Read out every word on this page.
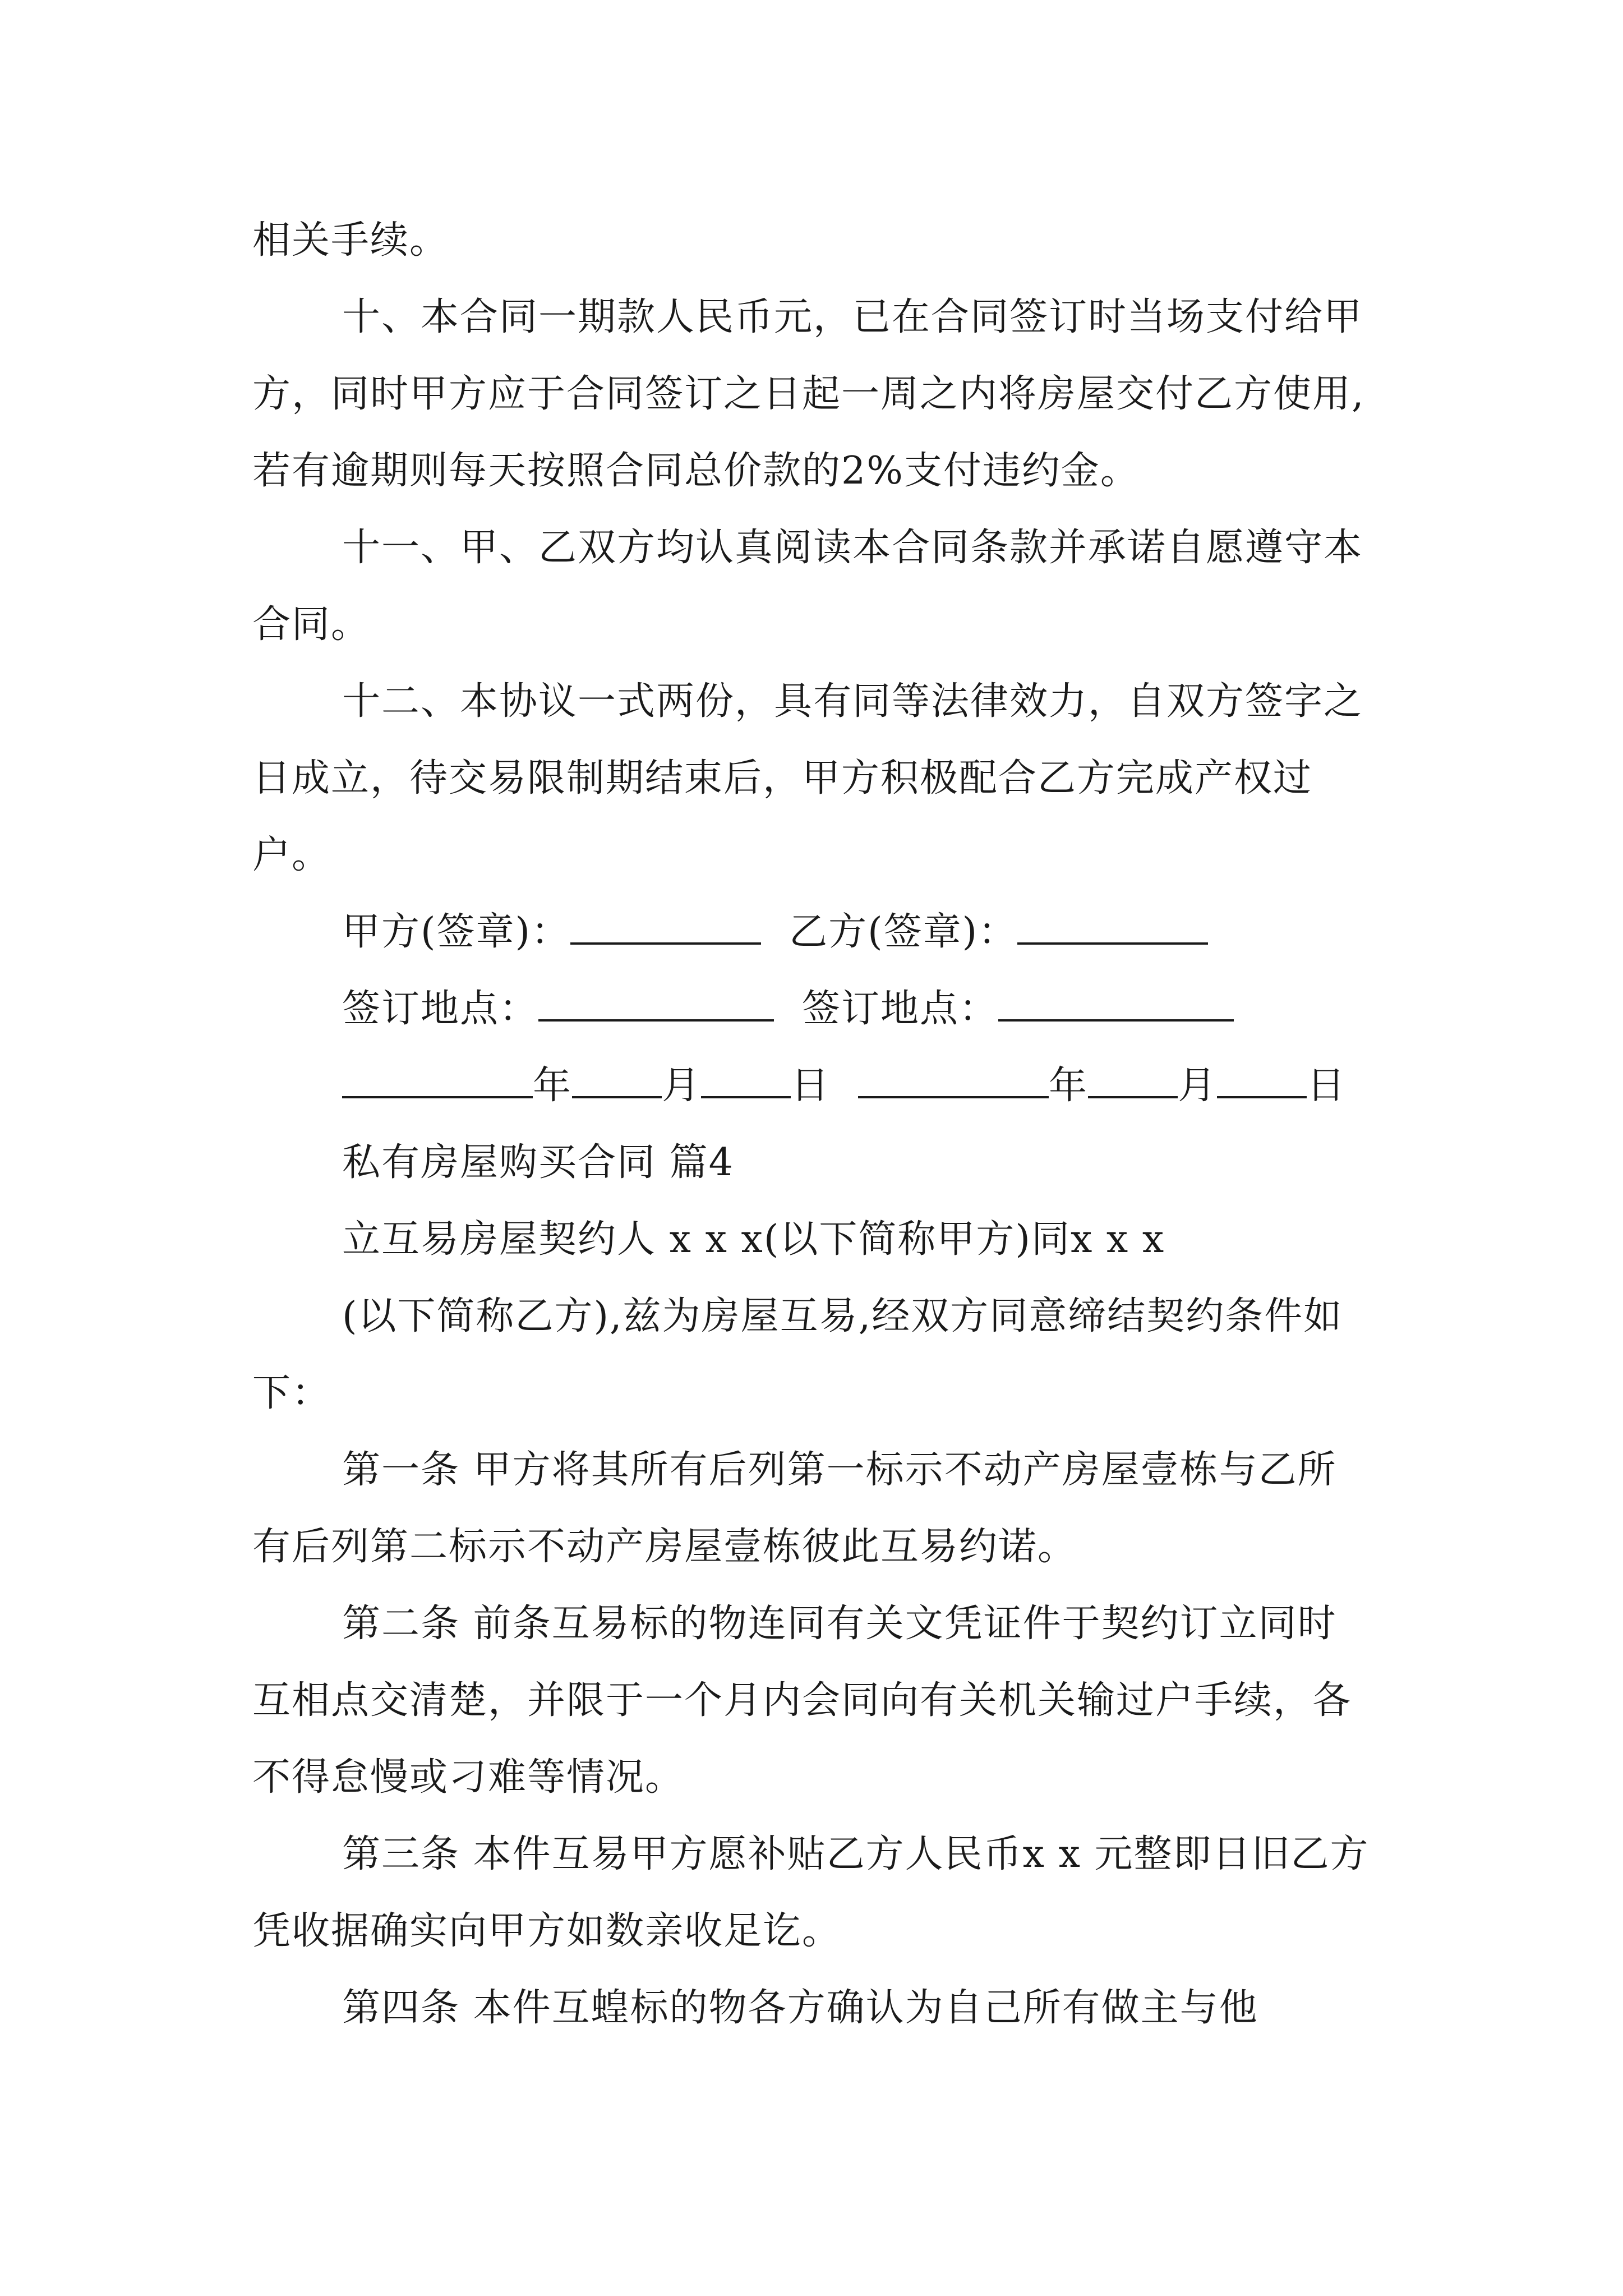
相关手续。

十、本合同一期款人民币元，已在合同签订时当场支付给甲方，同时甲方应于合同签订之日起一周之内将房屋交付乙方使用,若有逾期则每天按照合同总价款的2%支付违约金。

十一、甲、乙双方均认真阅读本合同条款并承诺自愿遵守本合同。

十二、本协议一式两份，具有同等法律效力，自双方签字之日成立，待交易限制期结束后，甲方积极配合乙方完成产权过户。

甲方(签章)：	乙方(签章)：

签订地点：	签订地点：

年 月 日	年 月 日

私有房屋购买合同 篇4

立互易房屋契约人 x x x(以下简称甲方)同x x x

(以下简称乙方),兹为房屋互易,经双方同意缔结契约条件如下：

第一条 甲方将其所有后列第一标示不动产房屋壹栋与乙所有后列第二标示不动产房屋壹栋彼此互易约诺。

第二条 前条互易标的物连同有关文凭证件于契约订立同时互相点交清楚，并限于一个月内会同向有关机关输过户手续，各不得怠慢或刁难等情况。

第三条 本件互易甲方愿补贴乙方人民币x x 元整即日旧乙方凭收据确实向甲方如数亲收足讫。

第四条 本件互蝗标的物各方确认为自己所有做主与他
